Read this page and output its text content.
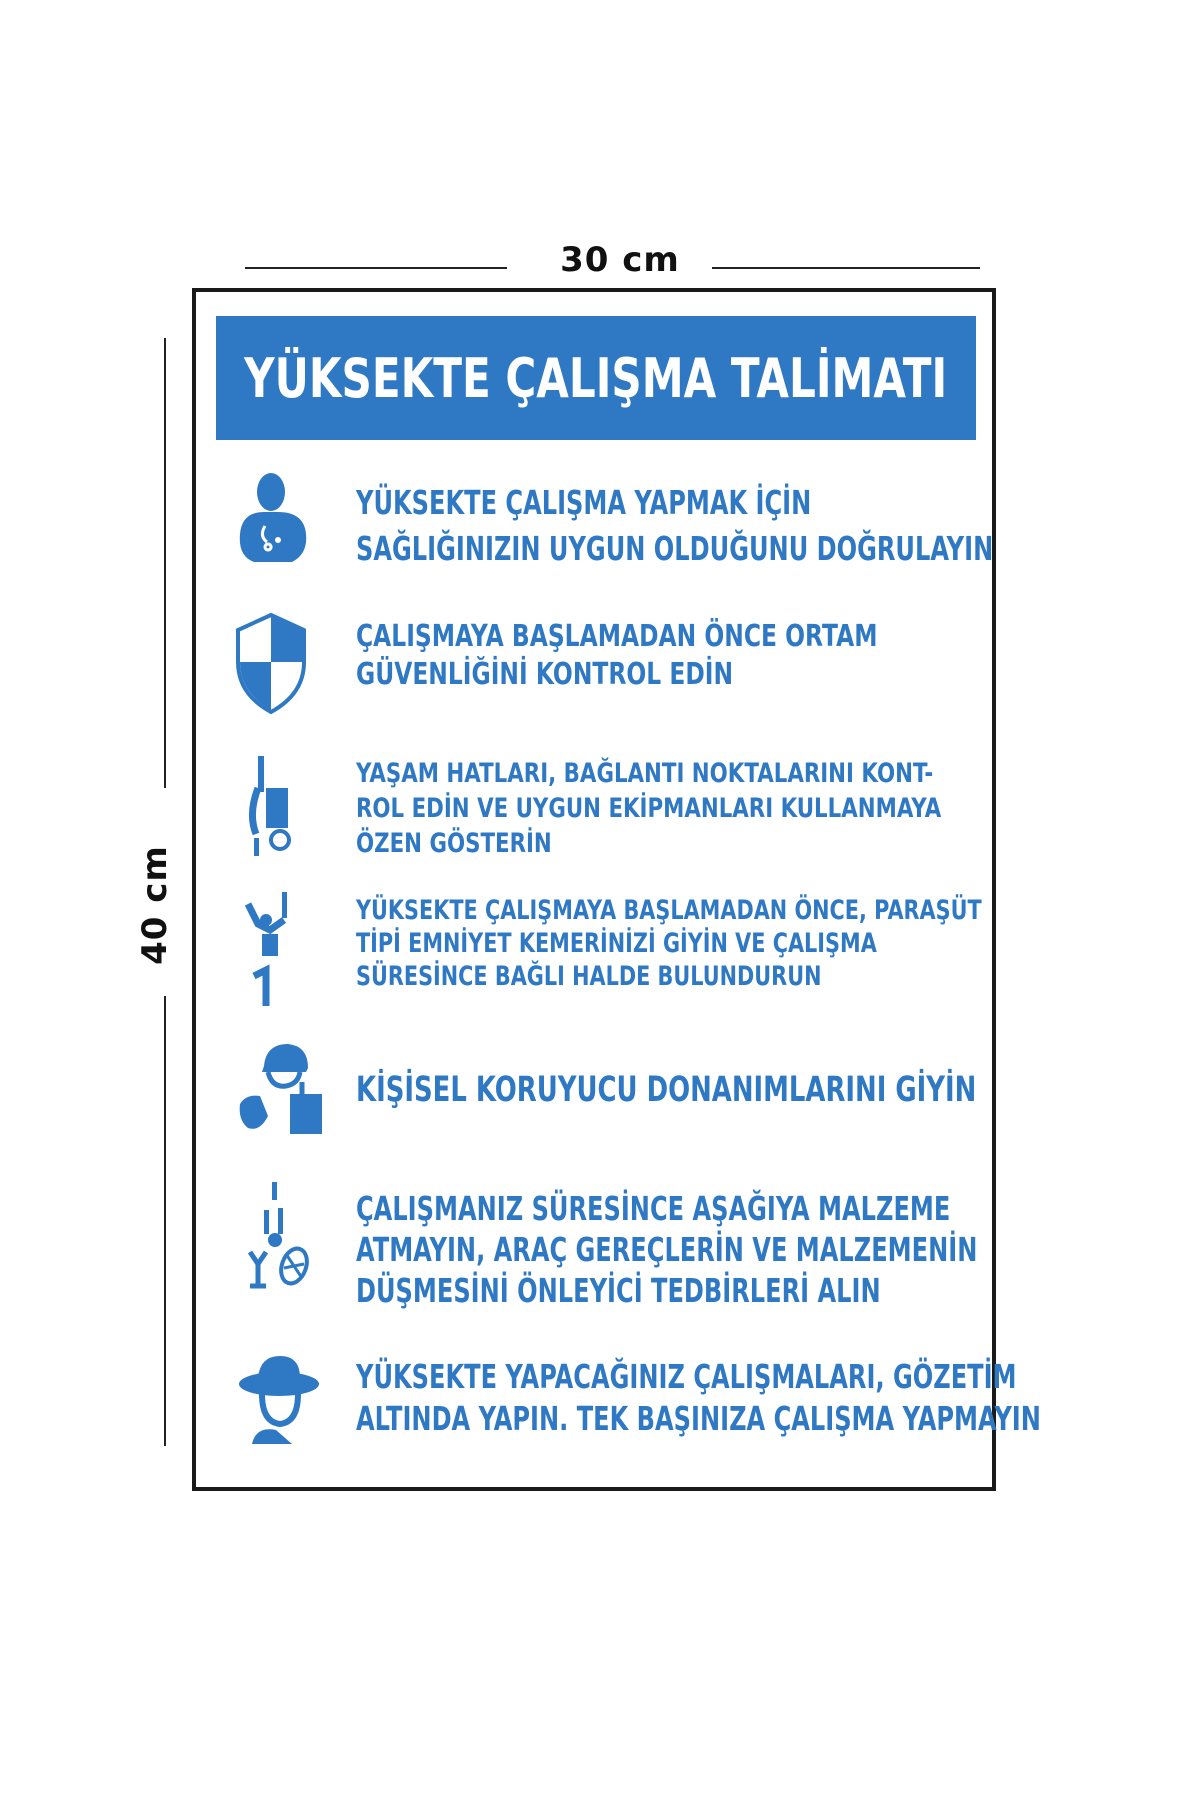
30 cm
40 cm
YÜKSEKTE ÇALIŞMA TALİMATI
YÜKSEKTE ÇALIŞMA YAPMAK İÇİN
SAĞLIĞINIZIN UYGUN OLDUĞUNU DOĞRULAYIN
ÇALIŞMAYA BAŞLAMADAN ÖNCE ORTAM
GÜVENLİĞİNİ KONTROL EDİN
YAŞAM HATLARI, BAĞLANTI NOKTALARINI KONT-
ROL EDİN VE UYGUN EKİPMANLARI KULLANMAYA
ÖZEN GÖSTERİN
YÜKSEKTE ÇALIŞMAYA BAŞLAMADAN ÖNCE, PARAŞÜT
TİPİ EMNİYET KEMERİNİZİ GİYİN VE ÇALIŞMA
SÜRESİNCE BAĞLI HALDE BULUNDURUN
KİŞİSEL KORUYUCU DONANIMLARINI GİYİN
ÇALIŞMANIZ SÜRESİNCE AŞAĞIYA MALZEME
ATMAYIN, ARAÇ GEREÇLERİN VE MALZEMENİN
DÜŞMESİNİ ÖNLEYİCİ TEDBİRLERİ ALIN
YÜKSEKTE YAPACAĞINIZ ÇALIŞMALARI, GÖZETİM
ALTINDA YAPIN. TEK BAŞINIZA ÇALIŞMA YAPMAYIN
